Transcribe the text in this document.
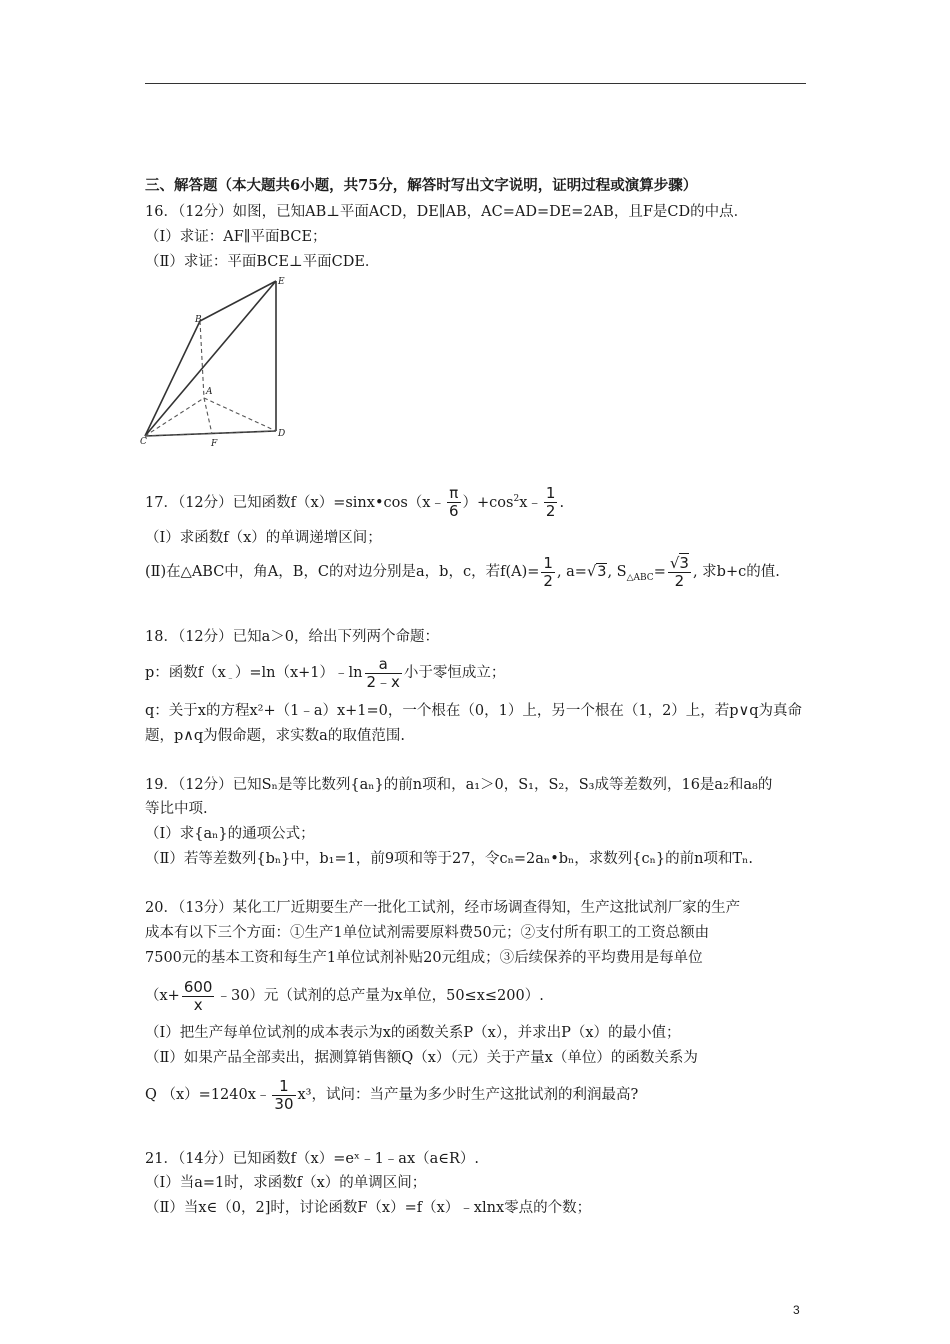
三、解答题（本大题共6小题，共75分，解答时写出文字说明，证明过程或演算步骤）
16．（12分）如图，已知AB⊥平面ACD，DE∥AB，AC=AD=DE=2AB，且F是CD的中点．
（Ⅰ）求证：AF∥平面BCE；
（Ⅱ）求证：平面BCE⊥平面CDE．
E
B
A
C	F
D
17．（12分）已知函数f（x）=sinx•cos（x﹣ $\frac{\pi}{6}$ ）$+\cos^2x﹣ \frac{1}{2}$ .
（Ⅰ）求函数f（x）的单调递增区间；
(Ⅱ)在△ABC中，角A，B，C的对边分别是a，b，c，若$f(A)= \frac{1}{2}$ , a=√3, $S_{\triangle ABC}= \frac{√3}{2}$ , 求b+c的值.
18．（12分）已知a＞0，给出下列两个命题：
p：函数$f(x_﹣)=\ln(x+1)﹣\ln \frac{a}{2﹣x}$ 小于零恒成立；
q：关于x的方程x²+（1﹣a）x+1=0，一个根在（0，1）上，另一个根在（1，2）上，若p∨q为真命
题，p∧q为假命题，求实数a的取值范围.
19．（12分）已知Sₙ是等比数列{aₙ}的前n项和，a₁＞0，S₁，S₂，S₃成等差数列，16是a₂和a₈的
等比中项.
（Ⅰ）求{aₙ}的通项公式；
（Ⅱ）若等差数列{bₙ}中，b₁=1，前9项和等于27，令cₙ=2aₙ•bₙ，求数列{cₙ}的前n项和Tₙ.
20．（13分）某化工厂近期要生产一批化工试剂，经市场调查得知，生产这批试剂厂家的生产
成本有以下三个方面：①生产1单位试剂需要原料费50元；②支付所有职工的工资总额由
7500元的基本工资和每生产1单位试剂补贴20元组成；③后续保养的平均费用是每单位
（$x+ \frac{600}{x}$ ﹣30）元（试剂的总产量为x单位，50≤x≤200）.
（Ⅰ）把生产每单位试剂的成本表示为x的函数关系P（x），并求出P（x）的最小值；
（Ⅱ）如果产品全部卖出，据测算销售额Q（x）（元）关于产量x（单位）的函数关系为
Q （x）=1240x﹣ $\frac{1}{30} x^3$，试问：当产量为多少时生产这批试剂的利润最高?
21．（14分）已知函数f（x）=eˣ﹣1﹣ax（a∈R）.
（Ⅰ）当a=1时，求函数f（x）的单调区间；
（Ⅱ）当x∈（0，2]时，讨论函数F（x）=f（x）﹣xlnx零点的个数；
3
